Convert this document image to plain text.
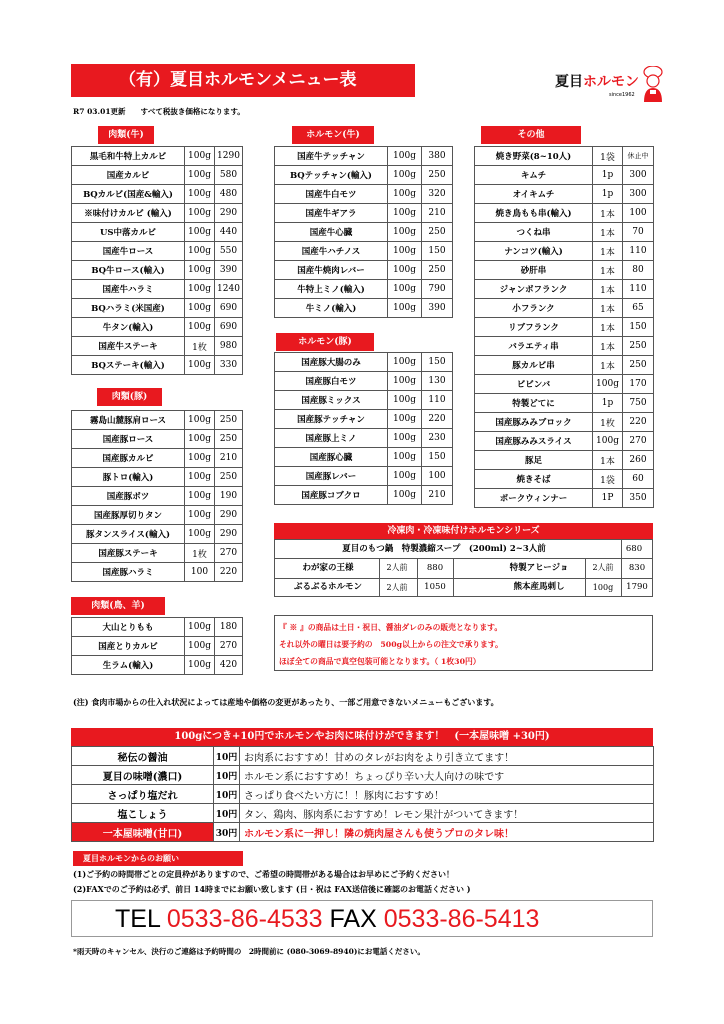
（有）夏目ホルモンメニュー表	夏目ホルモン
since1962
R7 03.01更新　　すべて税抜き価格になります。
肉類(牛)	ホルモン(牛)	その他
ホルモン(豚)
肉類(豚)
肉類(鳥、羊)
黒毛和牛特上カルビ	100g	1290
国産カルビ	100g	580
BQカルビ(国産&輸入)	100g	480
※味付けカルビ (輸入)	100g	290
US中落カルビ	100g	440
国産牛ロース	100g	550
BQ牛ロース(輸入)	100g	390
国産牛ハラミ	100g	1240
BQハラミ(米国産)	100g	690
牛タン(輸入)	100g	690
国産牛ステーキ	1枚	980
BQステーキ(輸入)	100g	330
霧島山麓豚肩ロース	100g	250
国産豚ロース	100g	250
国産豚カルビ	100g	210
豚トロ(輸入)	100g	250
国産豚ボツ	100g	190
国産豚厚切りタン	100g	290
豚タンスライス(輸入)	100g	290
国産豚ステーキ	1枚	270
国産豚ハラミ	100	220
大山とりもも	100g	180
国産とりカルビ	100g	270
生ラム(輸入)	100g	420
国産牛テッチャン	100g	380
BQテッチャン(輸入)	100g	250
国産牛白モツ	100g	320
国産牛ギアラ	100g	210
国産牛心臓	100g	250
国産牛ハチノス	100g	150
国産牛焼肉レバー	100g	250
牛特上ミノ(輸入)	100g	790
牛ミノ(輸入)	100g	390
国産豚大腸のみ	100g	150
国産豚白モツ	100g	130
国産豚ミックス	100g	110
国産豚テッチャン	100g	220
国産豚上ミノ	100g	230
国産豚心臓	100g	150
国産豚レバー	100g	100
国産豚コブクロ	100g	210
焼き野菜(8~10人)	1袋	休止中
キムチ	1p	300
オイキムチ	1p	300
焼き鳥もも串(輸入)	1本	100
つくね串	1本	70
ナンコツ(輸入)	1本	110
砂肝串	1本	80
ジャンボフランク	1本	110
小フランク	1本	65
リブフランク	1本	150
バラエティ串	1本	250
豚カルビ串	1本	250
ビビンバ	100g	170
特製どてに	1p	750
国産豚みみブロック	1枚	220
国産豚みみスライス	100g	270
豚足	1本	260
焼きそば	1袋	60
ポークウィンナー	1P	350
冷凍肉・冷凍味付けホルモンシリーズ
夏目のもつ鍋　特製濃縮スープ　(200ml) 2~3人前	680
わが家の王様	2人前	880	特製アヒージョ	2人前	830
ぶるぶるホルモン	2人前	1050	熊本産馬刺し	100g	1790
『 ※ 』の商品は土日・祝日、醤油ダレのみの販売となります。
それ以外の曜日は要予約の　500g以上からの注文で承ります。
ほぼ全ての商品で真空包装可能となります。（ 1枚30円）
(注) 食肉市場からの仕入れ状況によっては産地や価格の変更があったり、一部ご用意できないメニューもございます。
100gにつき+10円でホルモンやお肉に味付けができます！　(一本屋味噌 +30円)
秘伝の醤油	10円	お肉系におすすめ！甘めのタレがお肉をより引き立てます！
夏目の味噌(濃口)	10円	ホルモン系におすすめ！ちょっぴり辛い大人向けの味です
さっぱり塩だれ	10円	さっぱり食べたい方に！！豚肉におすすめ！
塩こしょう	10円	タン、鶏肉、豚肉系におすすめ！レモン果汁がついてきます！
一本屋味噌(甘口)	30円	ホルモン系に一押し！隣の焼肉屋さんも使うプロのタレ味！
夏目ホルモンからのお願い
(1)ご予約の時間帯ごとの定員枠がありますので、ご希望の時間帯がある場合はお早めにご予約ください！
(2)FAXでのご予約は必ず、前日 14時までにお願い致します (日・祝は FAX送信後に確認のお電話ください )
TEL 0533-86-4533 FAX 0533-86-5413
*雨天時のキャンセル、決行のご連絡は予約時間の　2時間前に (080-3069-8940)にお電話ください。
